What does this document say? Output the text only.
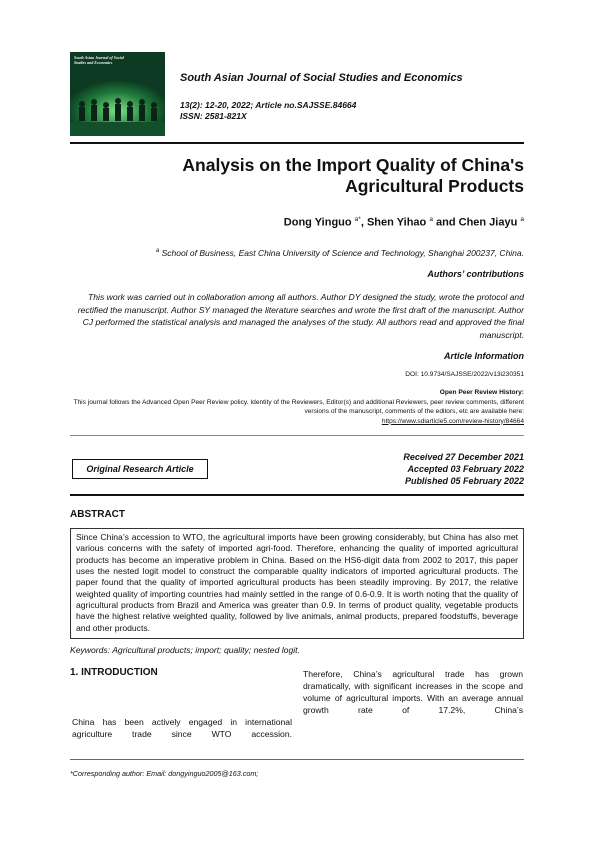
South Asian Journal of Social Studies and Economics
South Asian Journal of Social Studies and Economics
13(2): 12-20, 2022; Article no.SAJSSE.84664
ISSN: 2581-821X
Analysis on the Import Quality of China's
Agricultural Products
Dong Yinguo $^{a*}$, Shen Yihao $^a$ and Chen Jiayu $^a$
$^a$ School of Business, East China University of Science and Technology, Shanghai 200237, China.
Authors’ contributions
This work was carried out in collaboration among all authors. Author DY designed the study, wrote the protocol and rectified the manuscript. Author SY managed the literature searches and wrote the first draft of the manuscript. Author CJ performed the statistical analysis and managed the analyses of the study. All authors read and approved the final manuscript.
Article Information
DOI: 10.9734/SAJSSE/2022/v13i230351
Open Peer Review History:
This journal follows the Advanced Open Peer Review policy. Identity of the Reviewers, Editor(s) and additional Reviewers, peer review comments, different versions of the manuscript, comments of the editors, etc are available here:
https://www.sdiarticle5.com/review-history/84664
Original Research Article
Received 27 December 2021
Accepted 03 February 2022
Published 05 February 2022
ABSTRACT
Since China’s accession to WTO, the agricultural imports have been growing considerably, but China has also met various concerns with the safety of imported agri-food. Therefore, enhancing the quality of imported agricultural products has become an imperative problem in China. Based on the HS6-digit data from 2002 to 2017, this paper uses the nested logit model to construct the comparable quality indicators of imported agricultural products. The paper found that the quality of imported agricultural products has been steadily improving. By 2017, the relative weighted quality of importing countries had mainly settled in the range of 0.6-0.9. It is worth noting that the quality of agricultural products from Brazil and America was greater than 0.9. In terms of product quality, vegetable products have the highest relative weighted quality, followed by live animals, animal products, prepared foodstuffs, beverage and other products.
Keywords: Agricultural products; import; quality; nested logit.
1. INTRODUCTION
China has been actively engaged in international agriculture trade since WTO accession.
Therefore, China’s agricultural trade has grown dramatically, with significant increases in the scope and volume of agricultural imports. With an average annual growth rate of 17.2%, China’s
*Corresponding author: Email: dongyinguo2005@163.com;
